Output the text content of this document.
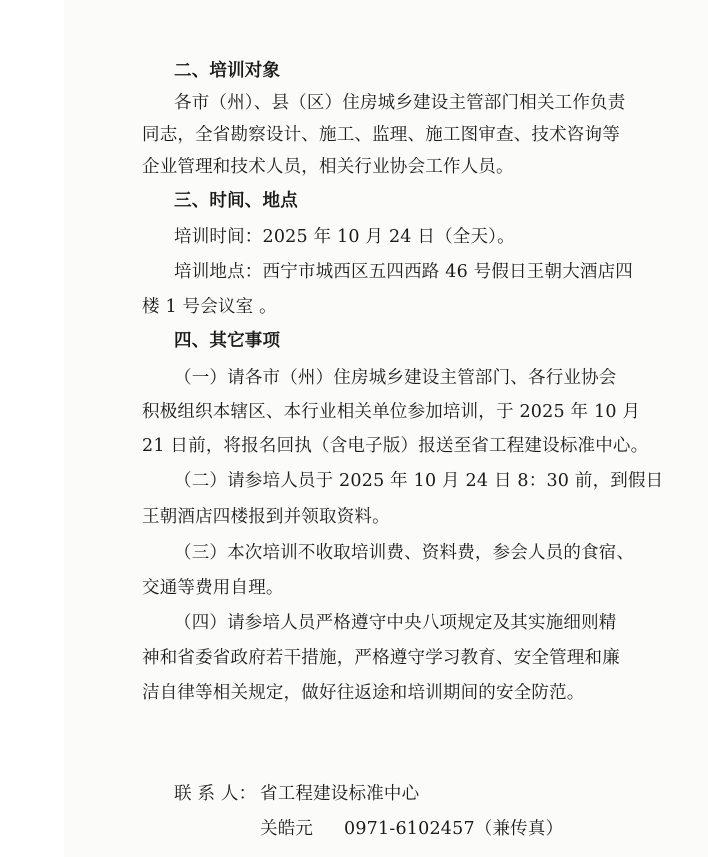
二、培训对象
各市（州）、县（区）住房城乡建设主管部门相关工作负责
同志，全省勘察设计、施工、监理、施工图审查、技术咨询等
企业管理和技术人员，相关行业协会工作人员。
三、时间、地点
培训时间：2025 年 10 月 24 日（全天）。
培训地点：西宁市城西区五四西路 46 号假日王朝大酒店四
楼 1 号会议室 。
四、其它事项
（一）请各市（州）住房城乡建设主管部门、各行业协会
积极组织本辖区、本行业相关单位参加培训，于 2025 年 10 月
21 日前，将报名回执（含电子版）报送至省工程建设标准中心。
（二）请参培人员于 2025 年 10 月 24 日 8：30 前，到假日
王朝酒店四楼报到并领取资料。
（三）本次培训不收取培训费、资料费，参会人员的食宿、
交通等费用自理。
（四）请参培人员严格遵守中央八项规定及其实施细则精
神和省委省政府若干措施，严格遵守学习教育、安全管理和廉
洁自律等相关规定，做好往返途和培训期间的安全防范。
联 系 人： 省工程建设标准中心
关皓元 0971-6102457（兼传真）
